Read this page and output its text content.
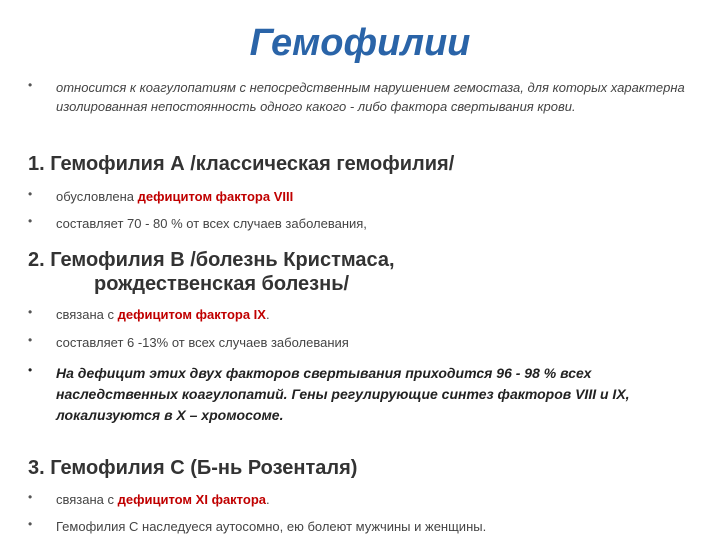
Гемофилии
• относится к коагулопатиям с непосредственным нарушением гемостаза, для которых характерна изолированная непостоянность одного какого - либо фактора свертывания крови.
1. Гемофилия А /классическая гемофилия/
• обусловлена дефицитом фактора VIII
• составляет 70 - 80 % от всех случаев заболевания,
2. Гемофилия В /болезнь Кристмаса,
рождественская болезнь/
• связана с дефицитом фактора IX.
• составляет 6 -13% от всех случаев заболевания
• На дефицит этих двух факторов свертывания приходится 96 - 98 % всех наследственных коагулопатий. Гены регулирующие синтез факторов VIII и IX, локализуются в Х – хромосоме.
3. Гемофилия С (Б-нь Розенталя)
• связана с дефицитом XI фактора.
• Гемофилия С наследуеся аутосомно, ею болеют мужчины и женщины.
